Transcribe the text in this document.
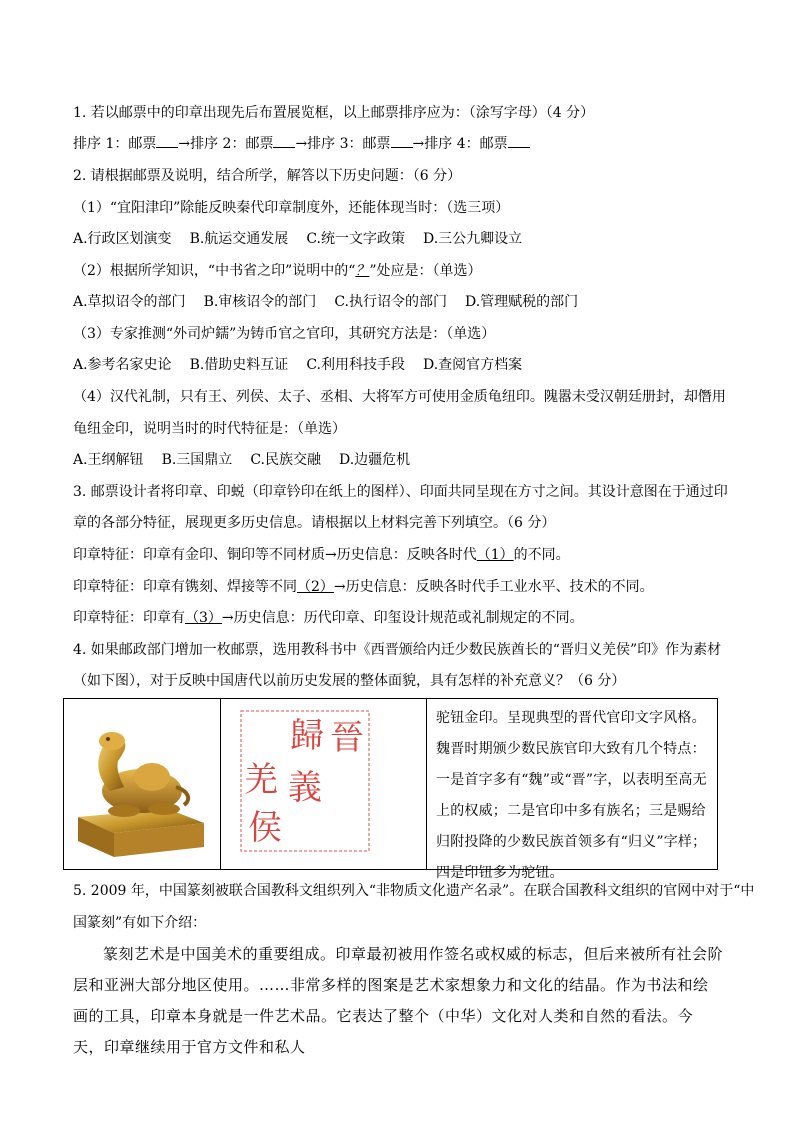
1. 若以邮票中的印章出现先后布置展览框，以上邮票排序应为：（涂写字母）（4 分）
排序 1：邮票 →排序 2：邮票 →排序 3：邮票 →排序 4：邮票
2. 请根据邮票及说明，结合所学，解答以下历史问题：（6 分）
（1）“宜阳津印”除能反映秦代印章制度外，还能体现当时：（选三项）
A.行政区划演变 B.航运交通发展 C.统一文字政策 D.三公九卿设立
（2）根据所学知识，“中书省之印”说明中的“？”处应是：（单选）
A.草拟诏令的部门 B.审核诏令的部门 C.执行诏令的部门 D.管理赋税的部门
（3）专家推测“外司炉鑐”为铸币官之官印，其研究方法是：（单选）
A.参考名家史论 B.借助史料互证 C.利用科技手段 D.查阅官方档案
（4）汉代礼制，只有王、列侯、太子、丞相、大将军方可使用金质龟纽印。隗嚣未受汉朝廷册封，却僭用
龟纽金印，说明当时的时代特征是：（单选）
A.王纲解钮 B.三国鼎立 C.民族交融 D.边疆危机
3. 邮票设计者将印章、印蜕（印章钤印在纸上的图样）、印面共同呈现在方寸之间。其设计意图在于通过印
章的各部分特征，展现更多历史信息。请根据以上材料完善下列填空。（6 分）
印章特征：印章有金印、铜印等不同材质→历史信息：反映各时代（1）的不同。
印章特征：印章有镌刻、焊接等不同（2）→历史信息：反映各时代手工业水平、技术的不同。
印章特征：印章有（3）→历史信息：历代印章、印玺设计规范或礼制规定的不同。
4. 如果邮政部门增加一枚邮票，选用教科书中《西晋颁给内迁少数民族酋长的“晋归义羌侯”印》作为素材
（如下图），对于反映中国唐代以前历史发展的整体面貌，具有怎样的补充意义？（6 分）
歸 晉
義
羌
侯
驼钮金印。呈现典型的晋代官印文字风格。魏晋时期颁少数民族官印大致有几个特点：一是首字多有“魏”或“晋”字，以表明至高无上的权威；二是官印中多有族名；三是赐给归附投降的少数民族首领多有“归义”字样；四是印钮多为驼钮。
5. 2009 年，中国篆刻被联合国教科文组织列入“非物质文化遗产名录”。在联合国教科文组织的官网中对于“中
国篆刻”有如下介绍：
篆刻艺术是中国美术的重要组成。印章最初被用作签名或权威的标志，但后来被所有社会阶层和亚洲大部分地区使用。……非常多样的图案是艺术家想象力和文化的结晶。作为书法和绘画的工具，印章本身就是一件艺术品。它表达了整个（中华）文化对人类和自然的看法。今天，印章继续用于官方文件和私人
